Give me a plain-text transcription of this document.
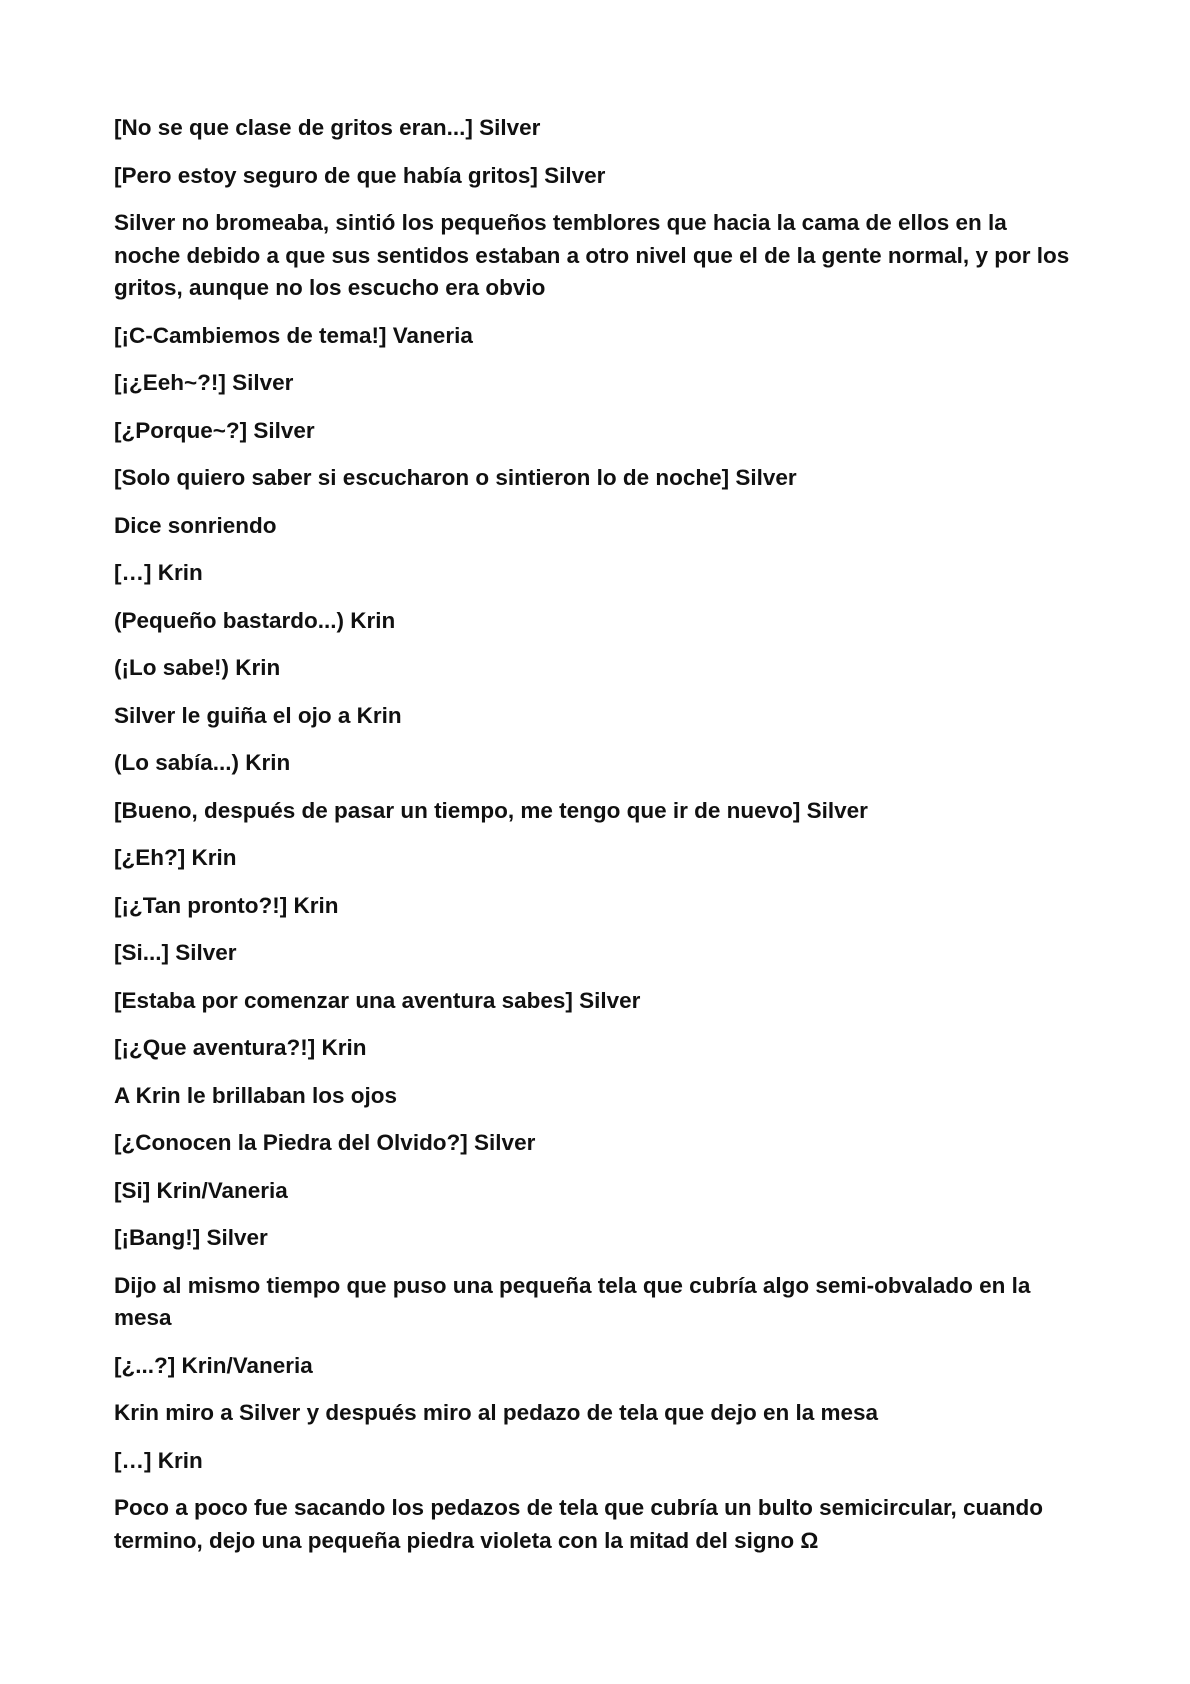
[No se que clase de gritos eran...] Silver

[Pero estoy seguro de que había gritos] Silver

Silver no bromeaba, sintió los pequeños temblores que hacia la cama de ellos en la noche debido a que sus sentidos estaban a otro nivel que el de la gente normal, y por los gritos, aunque no los escucho era obvio

[¡C-Cambiemos de tema!] Vaneria

[¡¿Eeh~?!] Silver

[¿Porque~?] Silver

[Solo quiero saber si escucharon o sintieron lo de noche] Silver

Dice sonriendo

[…] Krin

(Pequeño bastardo...) Krin

(¡Lo sabe!) Krin

Silver le guiña el ojo a Krin

(Lo sabía...) Krin

[Bueno, después de pasar un tiempo, me tengo que ir de nuevo] Silver

[¿Eh?] Krin

[¡¿Tan pronto?!] Krin

[Si...] Silver

[Estaba por comenzar una aventura sabes] Silver

[¡¿Que aventura?!] Krin

A Krin le brillaban los ojos

[¿Conocen la Piedra del Olvido?] Silver

[Si] Krin/Vaneria

[¡Bang!] Silver

Dijo al mismo tiempo que puso una pequeña tela que cubría algo semi-obvalado en la mesa

[¿...?] Krin/Vaneria

Krin miro a Silver y después miro al pedazo de tela que dejo en la mesa

[…] Krin

Poco a poco fue sacando los pedazos de tela que cubría un bulto semicircular, cuando termino, dejo una pequeña piedra violeta con la mitad del signo Ω
